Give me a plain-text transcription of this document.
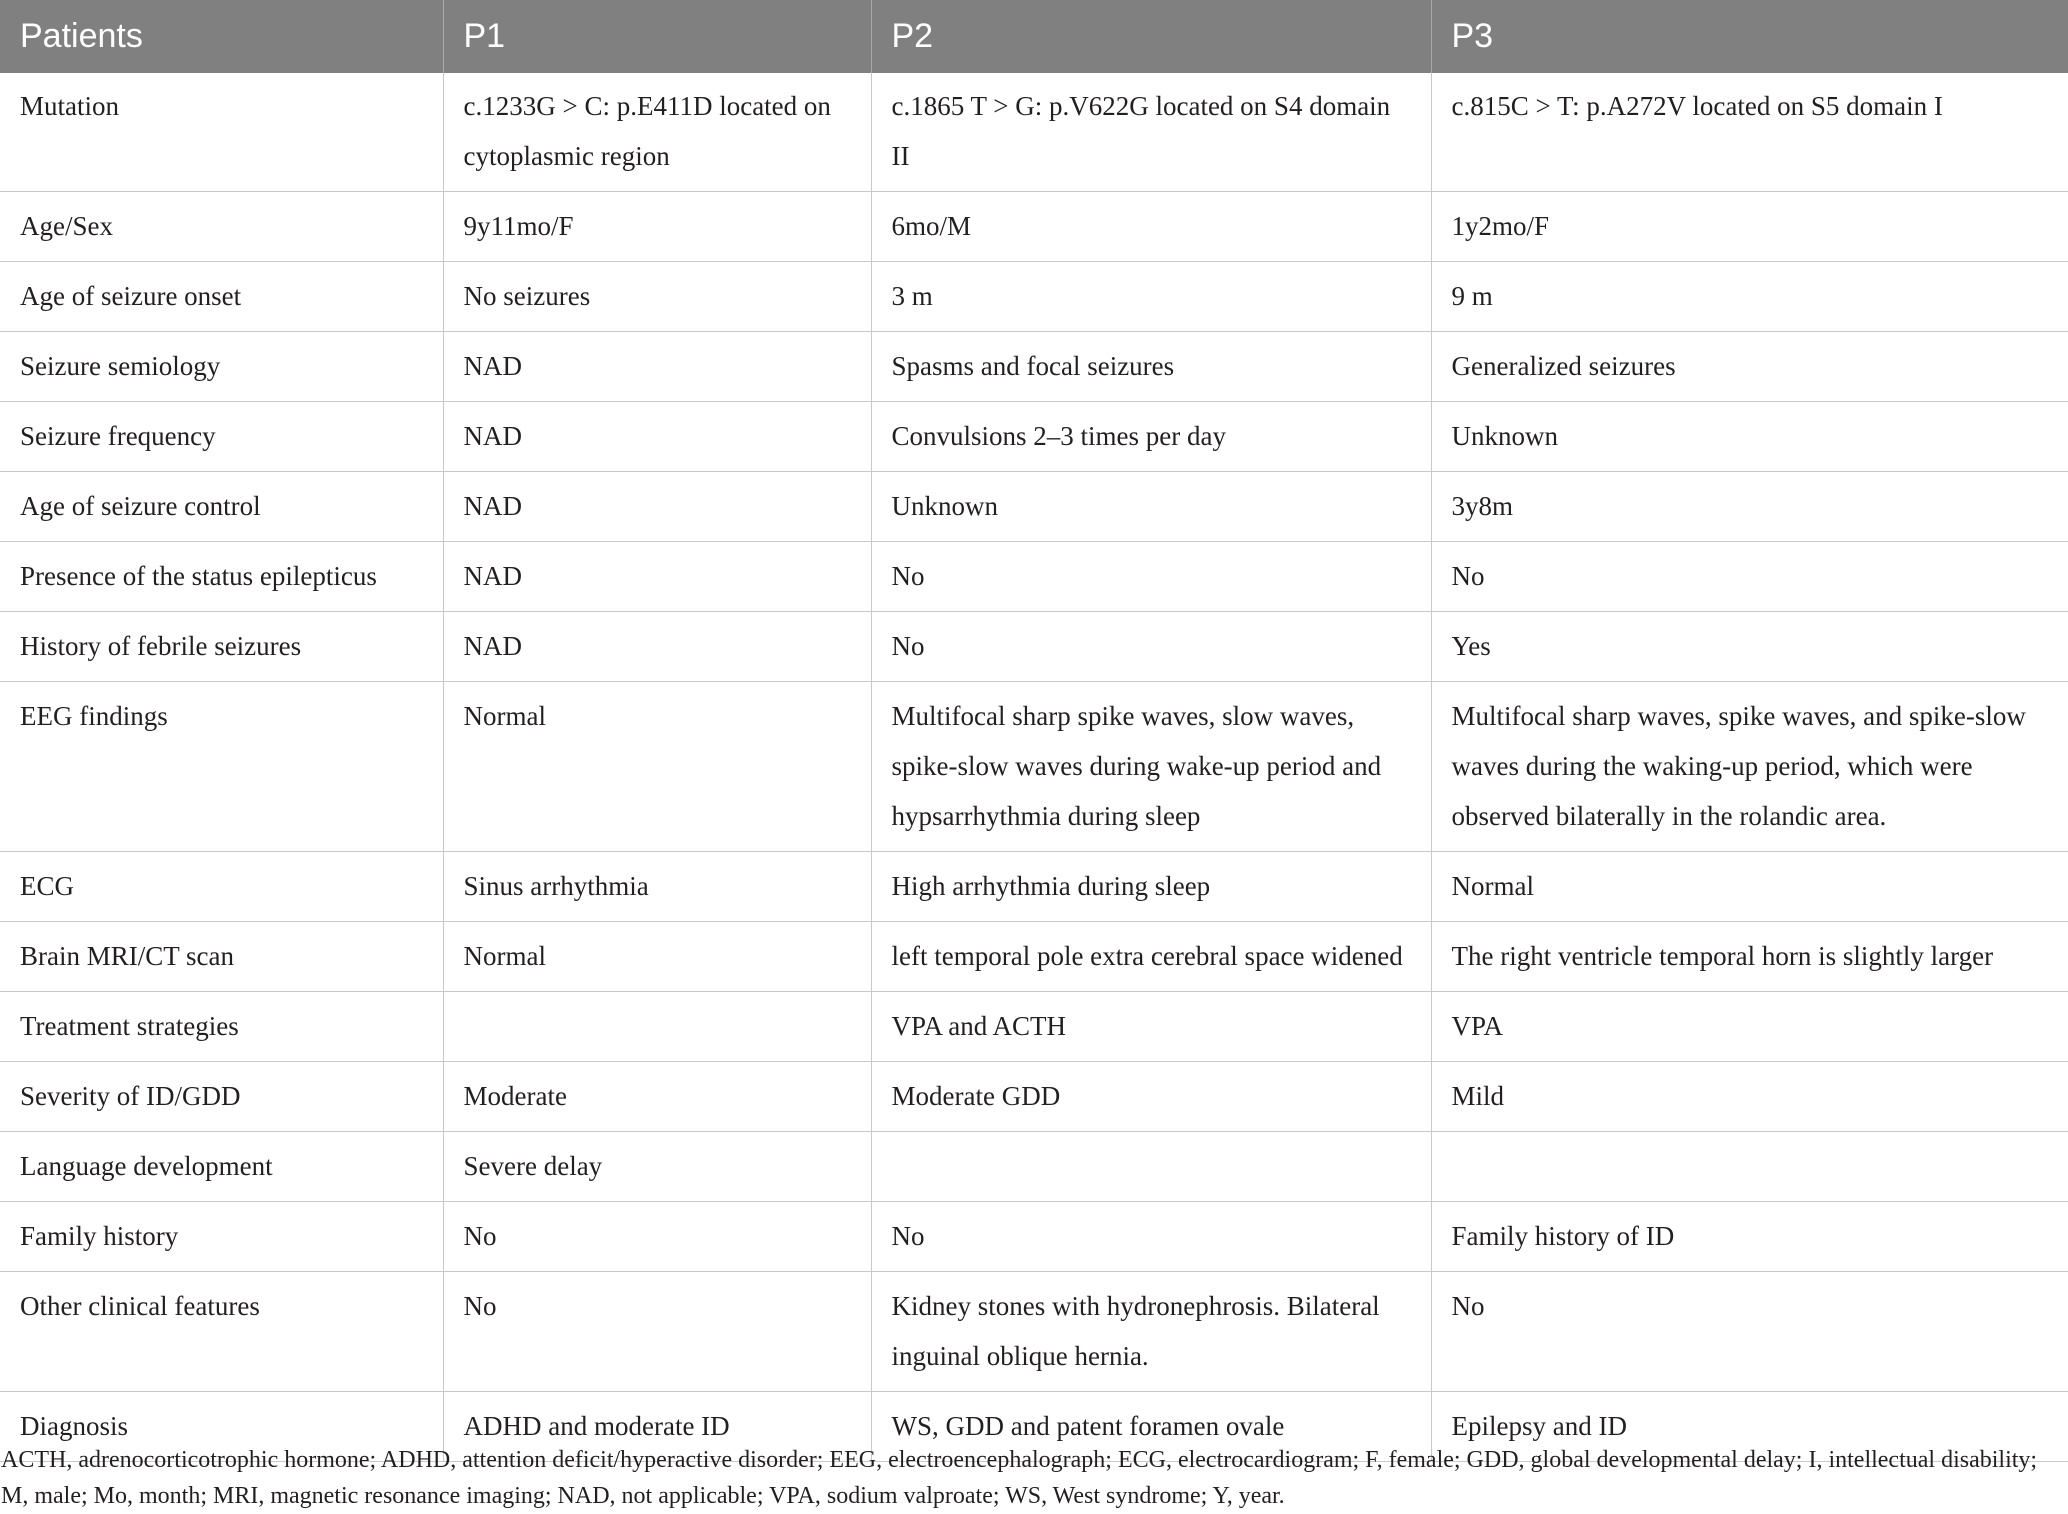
Patients	P1	P2	P3
Mutation	c.1233G > C: p.E411D located on cytoplasmic region	c.1865 T > G: p.V622G located on S4 domain II	c.815C > T: p.A272V located on S5 domain I
Age/Sex	9y11mo/F	6mo/M	1y2mo/F
Age of seizure onset	No seizures	3 m	9 m
Seizure semiology	NAD	Spasms and focal seizures	Generalized seizures
Seizure frequency	NAD	Convulsions 2–3 times per day	Unknown
Age of seizure control	NAD	Unknown	3y8m
Presence of the status epilepticus	NAD	No	No
History of febrile seizures	NAD	No	Yes
EEG findings	Normal	Multifocal sharp spike waves, slow waves, spike-slow waves during wake-up period and hypsarrhythmia during sleep	Multifocal sharp waves, spike waves, and spike-slow waves during the waking-up period, which were observed bilaterally in the rolandic area.
ECG	Sinus arrhythmia	High arrhythmia during sleep	Normal
Brain MRI/CT scan	Normal	left temporal pole extra cerebral space widened	The right ventricle temporal horn is slightly larger
Treatment strategies		VPA and ACTH	VPA
Severity of ID/GDD	Moderate	Moderate GDD	Mild
Language development	Severe delay		
Family history	No	No	Family history of ID
Other clinical features	No	Kidney stones with hydronephrosis. Bilateral inguinal oblique hernia.	No
Diagnosis	ADHD and moderate ID	WS, GDD and patent foramen ovale	Epilepsy and ID

ACTH, adrenocorticotrophic hormone; ADHD, attention deficit/hyperactive disorder; EEG, electroencephalograph; ECG, electrocardiogram; F, female; GDD, global developmental delay; I, intellectual disability; M, male; Mo, month; MRI, magnetic resonance imaging; NAD, not applicable; VPA, sodium valproate; WS, West syndrome; Y, year.
